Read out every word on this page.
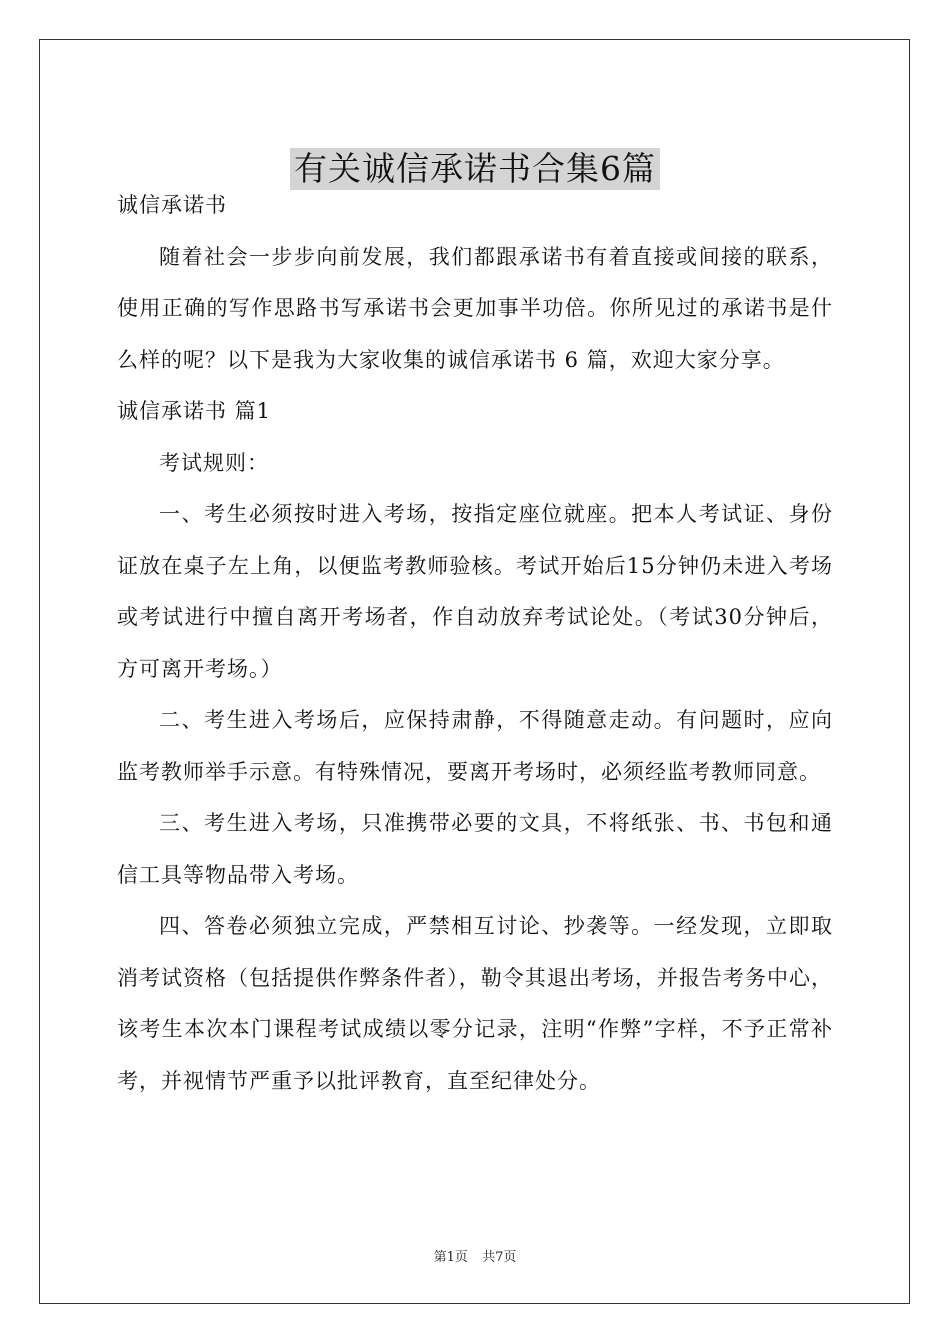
有关诚信承诺书合集6篇

诚信承诺书

随着社会一步步向前发展，我们都跟承诺书有着直接或间接的联系，使用正确的写作思路书写承诺书会更加事半功倍。你所见过的承诺书是什么样的呢？以下是我为大家收集的诚信承诺书 6 篇，欢迎大家分享。

诚信承诺书 篇1

考试规则：

一、考生必须按时进入考场，按指定座位就座。把本人考试证、身份证放在桌子左上角，以便监考教师验核。考试开始后15分钟仍未进入考场或考试进行中擅自离开考场者，作自动放弃考试论处。（考试30分钟后，方可离开考场。）

二、考生进入考场后，应保持肃静，不得随意走动。有问题时，应向监考教师举手示意。有特殊情况，要离开考场时，必须经监考教师同意。

三、考生进入考场，只准携带必要的文具，不将纸张、书、书包和通信工具等物品带入考场。

四、答卷必须独立完成，严禁相互讨论、抄袭等。一经发现，立即取消考试资格（包括提供作弊条件者），勒令其退出考场，并报告考务中心，该考生本次本门课程考试成绩以零分记录，注明“作弊”字样，不予正常补考，并视情节严重予以批评教育，直至纪律处分。

第1页 共7页
